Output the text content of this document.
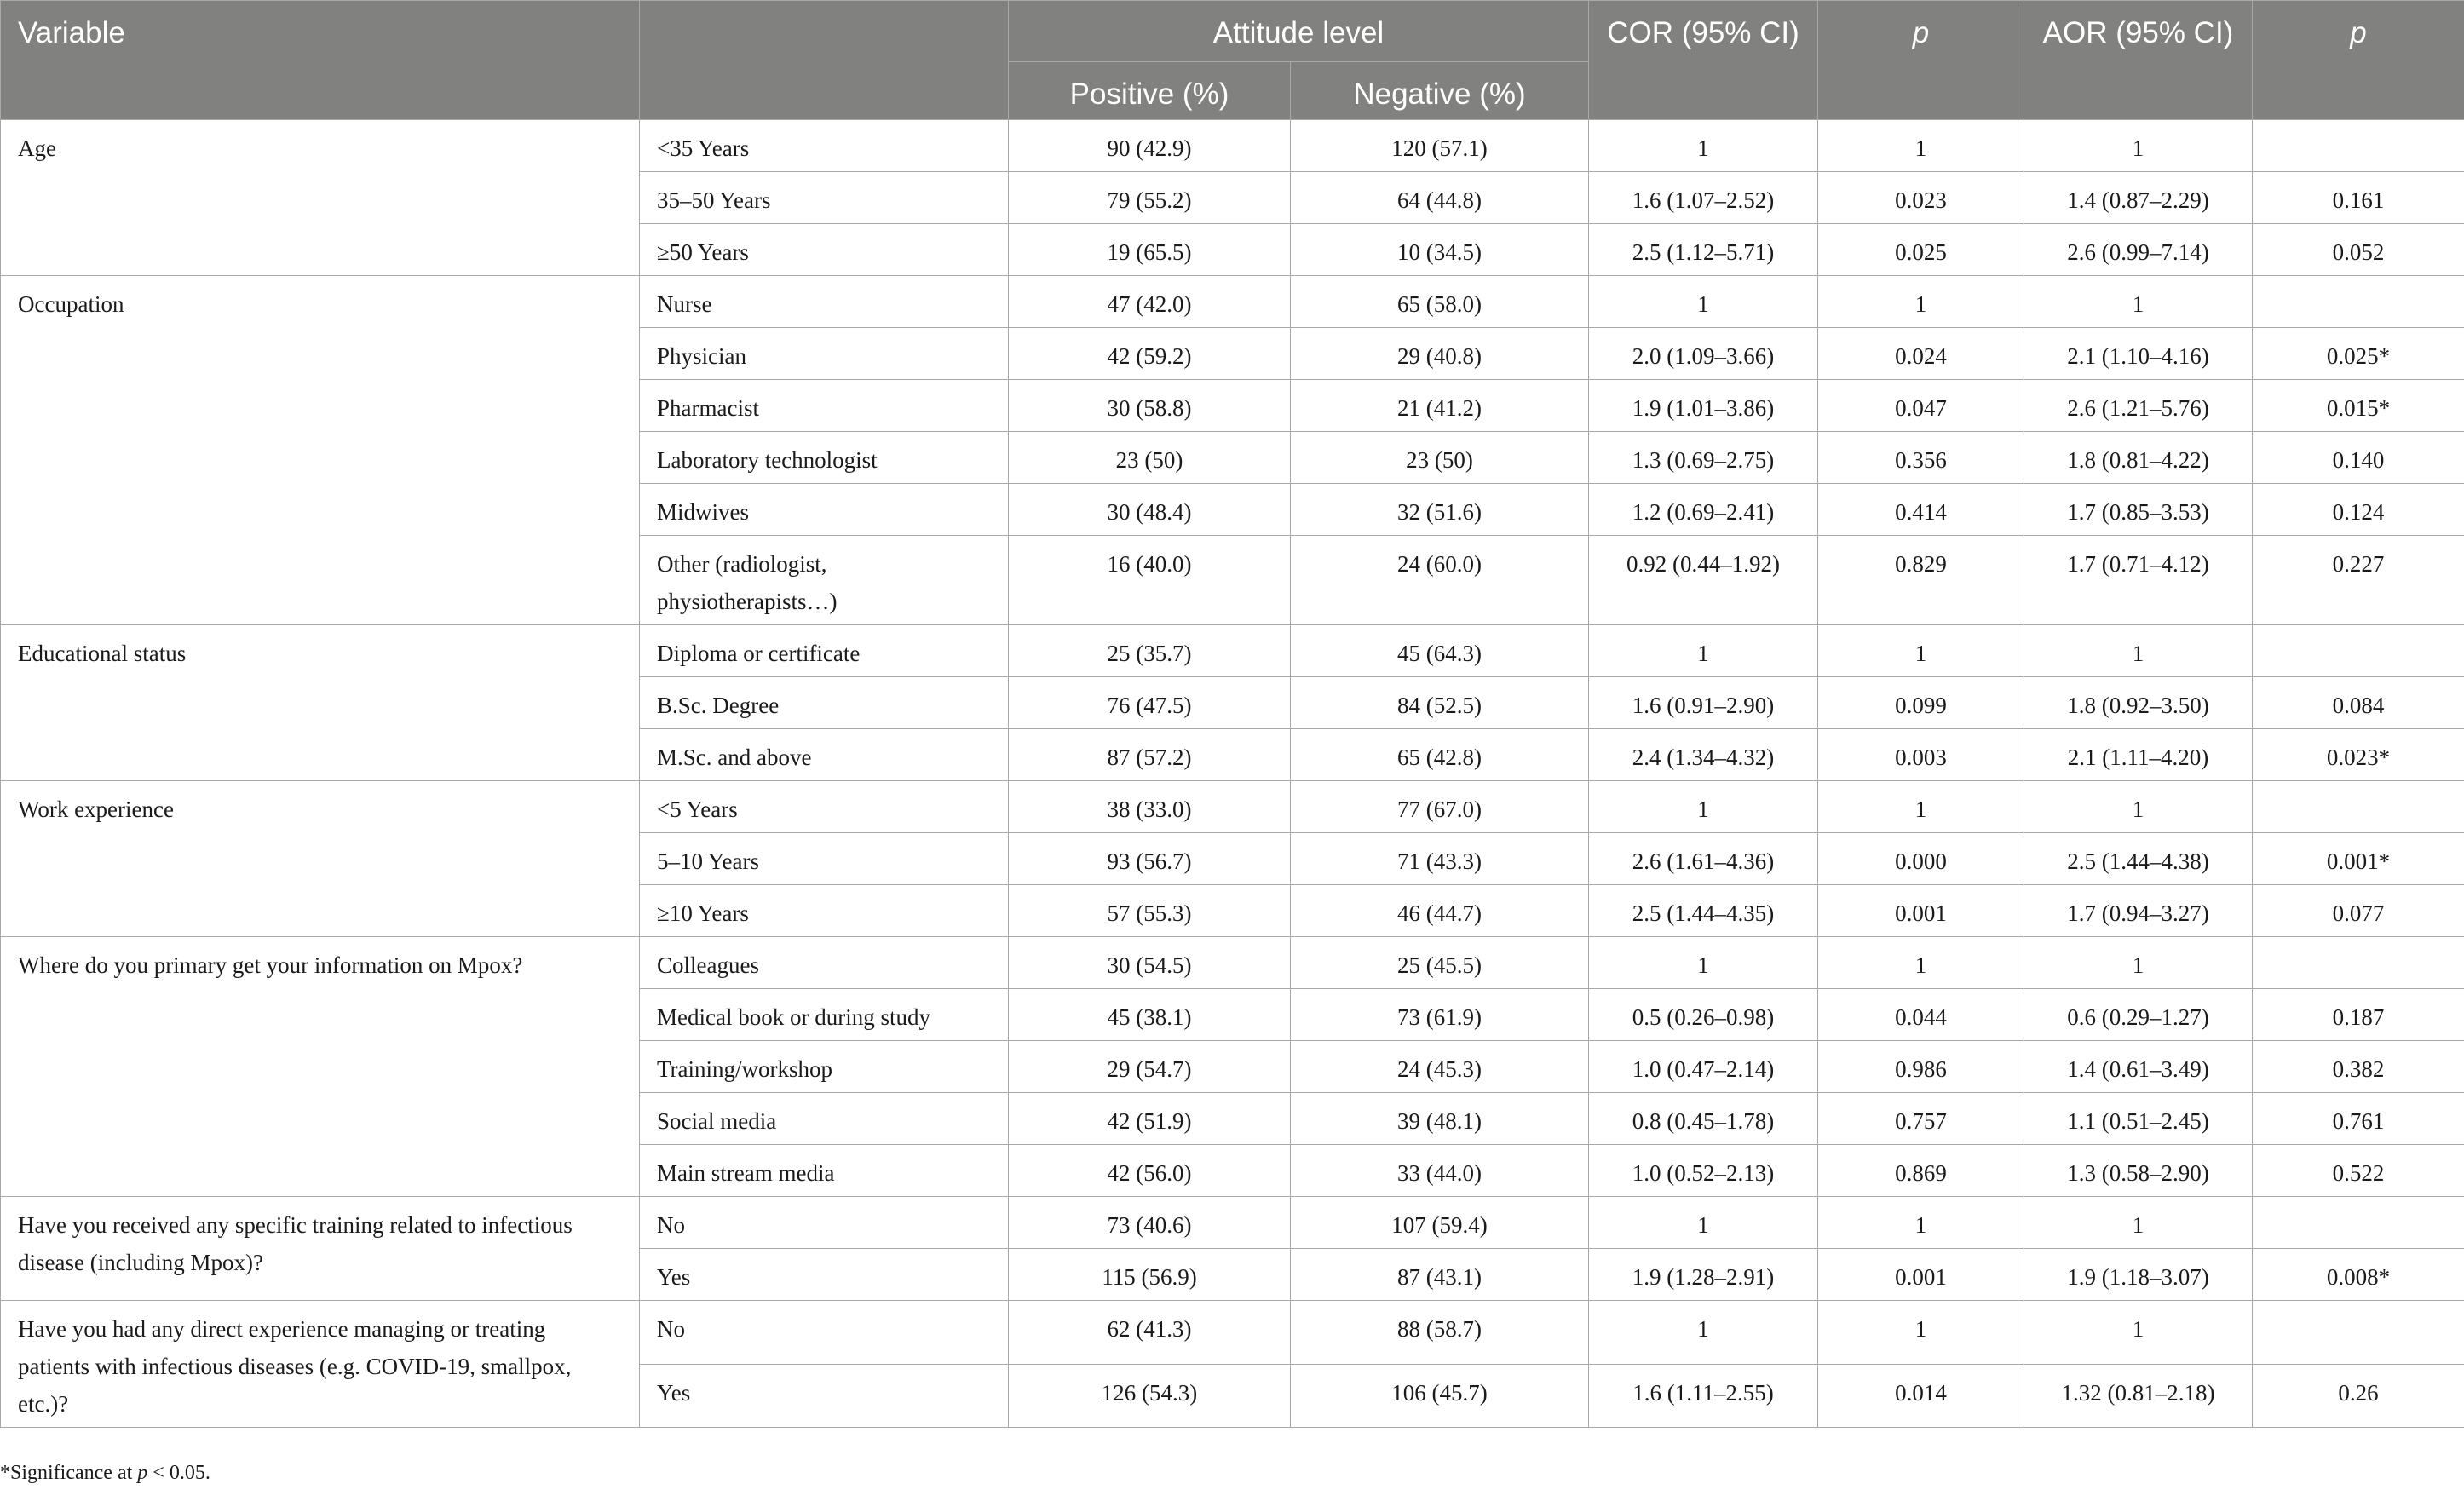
Variable		Attitude level		COR (95% CI)	p	AOR (95% CI)	p
		Positive (%)	Negative (%)				
Age	<35 Years	90 (42.9)	120 (57.1)	1	1	1	
	35–50 Years	79 (55.2)	64 (44.8)	1.6 (1.07–2.52)	0.023	1.4 (0.87–2.29)	0.161
	≥50 Years	19 (65.5)	10 (34.5)	2.5 (1.12–5.71)	0.025	2.6 (0.99–7.14)	0.052
Occupation	Nurse	47 (42.0)	65 (58.0)	1	1	1	
	Physician	42 (59.2)	29 (40.8)	2.0 (1.09–3.66)	0.024	2.1 (1.10–4.16)	0.025*
	Pharmacist	30 (58.8)	21 (41.2)	1.9 (1.01–3.86)	0.047	2.6 (1.21–5.76)	0.015*
	Laboratory technologist	23 (50)	23 (50)	1.3 (0.69–2.75)	0.356	1.8 (0.81–4.22)	0.140
	Midwives	30 (48.4)	32 (51.6)	1.2 (0.69–2.41)	0.414	1.7 (0.85–3.53)	0.124
	Other (radiologist, physiotherapists…)	16 (40.0)	24 (60.0)	0.92 (0.44–1.92)	0.829	1.7 (0.71–4.12)	0.227
Educational status	Diploma or certificate	25 (35.7)	45 (64.3)	1	1	1	
	B.Sc. Degree	76 (47.5)	84 (52.5)	1.6 (0.91–2.90)	0.099	1.8 (0.92–3.50)	0.084
	M.Sc. and above	87 (57.2)	65 (42.8)	2.4 (1.34–4.32)	0.003	2.1 (1.11–4.20)	0.023*
Work experience	<5 Years	38 (33.0)	77 (67.0)	1	1	1	
	5–10 Years	93 (56.7)	71 (43.3)	2.6 (1.61–4.36)	0.000	2.5 (1.44–4.38)	0.001*
	≥10 Years	57 (55.3)	46 (44.7)	2.5 (1.44–4.35)	0.001	1.7 (0.94–3.27)	0.077
Where do you primary get your information on Mpox?	Colleagues	30 (54.5)	25 (45.5)	1	1	1	
	Medical book or during study	45 (38.1)	73 (61.9)	0.5 (0.26–0.98)	0.044	0.6 (0.29–1.27)	0.187
	Training/workshop	29 (54.7)	24 (45.3)	1.0 (0.47–2.14)	0.986	1.4 (0.61–3.49)	0.382
	Social media	42 (51.9)	39 (48.1)	0.8 (0.45–1.78)	0.757	1.1 (0.51–2.45)	0.761
	Main stream media	42 (56.0)	33 (44.0)	1.0 (0.52–2.13)	0.869	1.3 (0.58–2.90)	0.522
Have you received any specific training related to infectious disease (including Mpox)?	No	73 (40.6)	107 (59.4)	1	1	1	
	Yes	115 (56.9)	87 (43.1)	1.9 (1.28–2.91)	0.001	1.9 (1.18–3.07)	0.008*
Have you had any direct experience managing or treating patients with infectious diseases (e.g. COVID-19, smallpox, etc.)?	No	62 (41.3)	88 (58.7)	1	1	1	
	Yes	126 (54.3)	106 (45.7)	1.6 (1.11–2.55)	0.014	1.32 (0.81–2.18)	0.26
*Significance at p < 0.05.
